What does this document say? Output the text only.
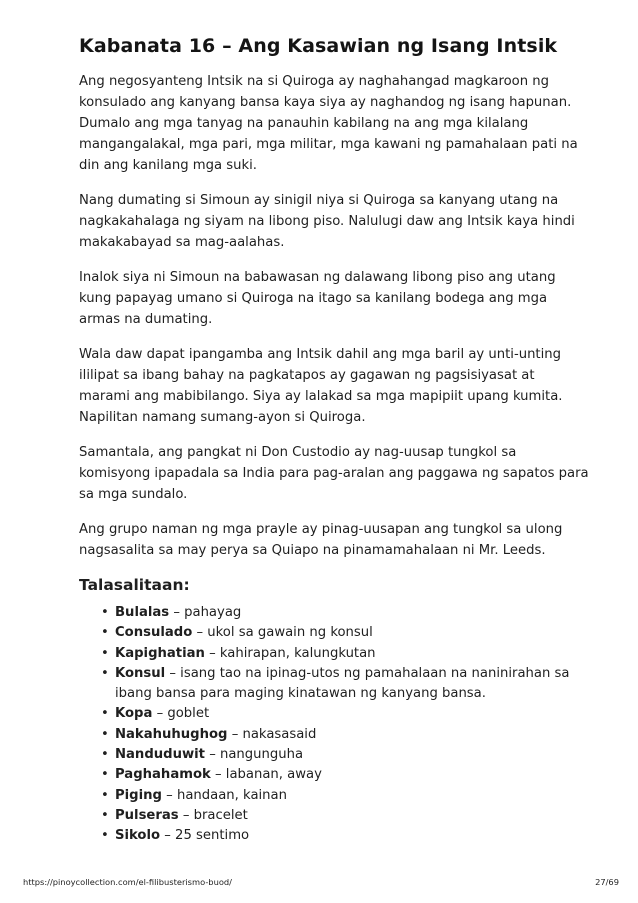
Kabanata 16 – Ang Kasawian ng Isang Intsik

Ang negosyanteng Intsik na si Quiroga ay naghahangad magkaroon ng konsulado ang kanyang bansa kaya siya ay naghandog ng isang hapunan. Dumalo ang mga tanyag na panauhin kabilang na ang mga kilalang mangangalakal, mga pari, mga militar, mga kawani ng pamahalaan pati na din ang kanilang mga suki.

Nang dumating si Simoun ay sinigil niya si Quiroga sa kanyang utang na nagkakahalaga ng siyam na libong piso. Nalulugi daw ang Intsik kaya hindi makakabayad sa mag-aalahas.

Inalok siya ni Simoun na babawasan ng dalawang libong piso ang utang kung papayag umano si Quiroga na itago sa kanilang bodega ang mga armas na dumating.

Wala daw dapat ipangamba ang Intsik dahil ang mga baril ay unti-unting ililipat sa ibang bahay na pagkatapos ay gagawan ng pagsisiyasat at marami ang mabibilango. Siya ay lalakad sa mga mapipiit upang kumita. Napilitan namang sumang-ayon si Quiroga.

Samantala, ang pangkat ni Don Custodio ay nag-uusap tungkol sa komisyong ipapadala sa India para pag-aralan ang paggawa ng sapatos para sa mga sundalo.

Ang grupo naman ng mga prayle ay pinag-uusapan ang tungkol sa ulong nagsasalita sa may perya sa Quiapo na pinamamahalaan ni Mr. Leeds.

Talasalitaan:
• Bulalas – pahayag
• Consulado – ukol sa gawain ng konsul
• Kapighatian – kahirapan, kalungkutan
• Konsul – isang tao na ipinag-utos ng pamahalaan na naninirahan sa ibang bansa para maging kinatawan ng kanyang bansa.
• Kopa – goblet
• Nakahuhughog – nakasasaid
• Nanduduwit – nangunguha
• Paghahamok – labanan, away
• Piging – handaan, kainan
• Pulseras – bracelet
• Sikolo – 25 sentimo
https://pinoycollection.com/el-filibusterismo-buod/	27/69
